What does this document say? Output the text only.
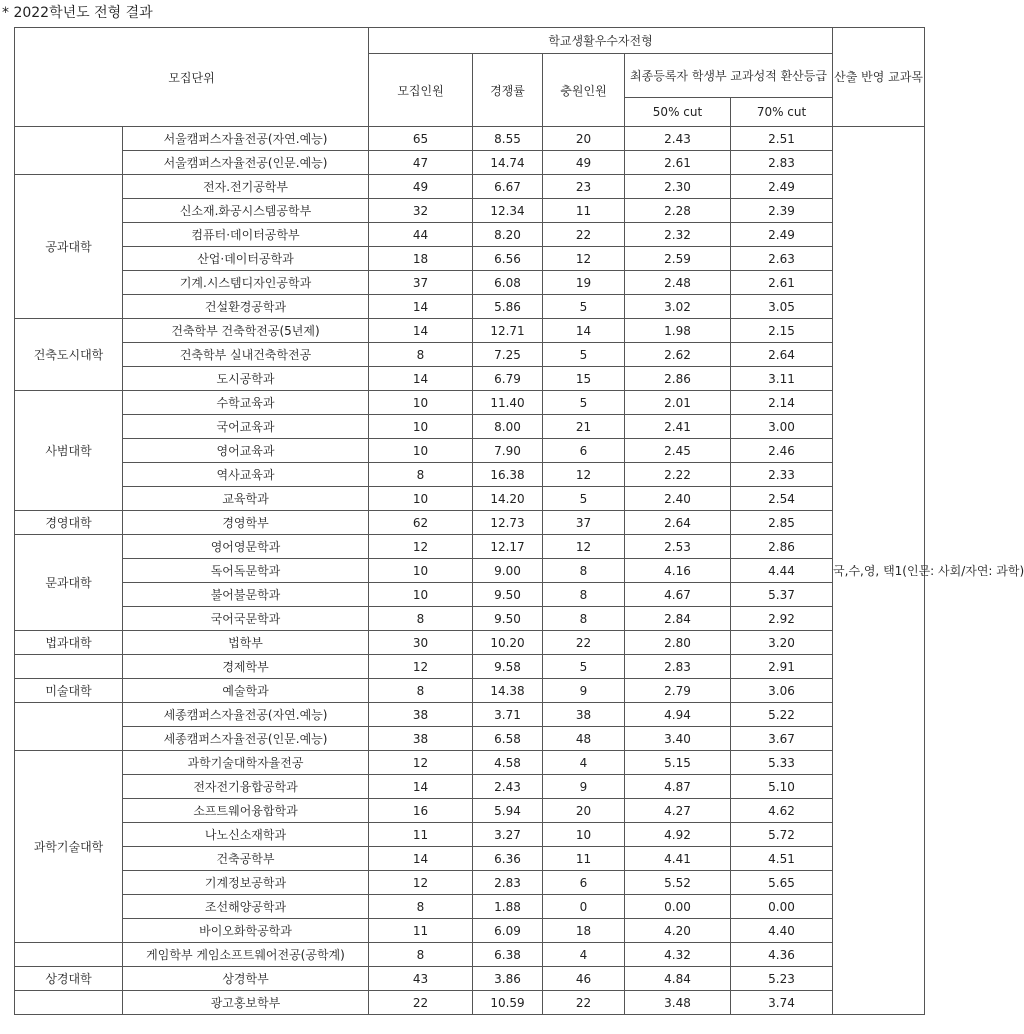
* 2022학년도 전형 결과
모집단위		학교생활우수자전형					산출 반영 교과목
		모집인원	경쟁률	충원인원	최종등록자 학생부 교과성적 환산등급		
					50% cut	70% cut	
	서울캠퍼스자율전공(자연.예능)	65	8.55	20	2.43	2.51	국,수,영, 택1(인문: 사회/자연: 과학)
	서울캠퍼스자율전공(인문.예능)	47	14.74	49	2.61	2.83	
공과대학	전자.전기공학부	49	6.67	23	2.30	2.49	
	신소재.화공시스템공학부	32	12.34	11	2.28	2.39	
	컴퓨터·데이터공학부	44	8.20	22	2.32	2.49	
	산업·데이터공학과	18	6.56	12	2.59	2.63	
	기계.시스템디자인공학과	37	6.08	19	2.48	2.61	
	건설환경공학과	14	5.86	5	3.02	3.05	
건축도시대학	건축학부 건축학전공(5년제)	14	12.71	14	1.98	2.15	
	건축학부 실내건축학전공	8	7.25	5	2.62	2.64	
	도시공학과	14	6.79	15	2.86	3.11	
사범대학	수학교육과	10	11.40	5	2.01	2.14	
	국어교육과	10	8.00	21	2.41	3.00	
	영어교육과	10	7.90	6	2.45	2.46	
	역사교육과	8	16.38	12	2.22	2.33	
	교육학과	10	14.20	5	2.40	2.54	
경영대학	경영학부	62	12.73	37	2.64	2.85	
문과대학	영어영문학과	12	12.17	12	2.53	2.86	
	독어독문학과	10	9.00	8	4.16	4.44	
	불어불문학과	10	9.50	8	4.67	5.37	
	국어국문학과	8	9.50	8	2.84	2.92	
법과대학	법학부	30	10.20	22	2.80	3.20	
	경제학부	12	9.58	5	2.83	2.91	
미술대학	예술학과	8	14.38	9	2.79	3.06	
	세종캠퍼스자율전공(자연.예능)	38	3.71	38	4.94	5.22	
	세종캠퍼스자율전공(인문.예능)	38	6.58	48	3.40	3.67	
과학기술대학	과학기술대학자율전공	12	4.58	4	5.15	5.33	
	전자전기융합공학과	14	2.43	9	4.87	5.10	
	소프트웨어융합학과	16	5.94	20	4.27	4.62	
	나노신소재학과	11	3.27	10	4.92	5.72	
	건축공학부	14	6.36	11	4.41	4.51	
	기계정보공학과	12	2.83	6	5.52	5.65	
	조선해양공학과	8	1.88	0	0.00	0.00	
	바이오화학공학과	11	6.09	18	4.20	4.40	
	게임학부 게임소프트웨어전공(공학계)	8	6.38	4	4.32	4.36	
상경대학	상경학부	43	3.86	46	4.84	5.23	
	광고홍보학부	22	10.59	22	3.48	3.74	
